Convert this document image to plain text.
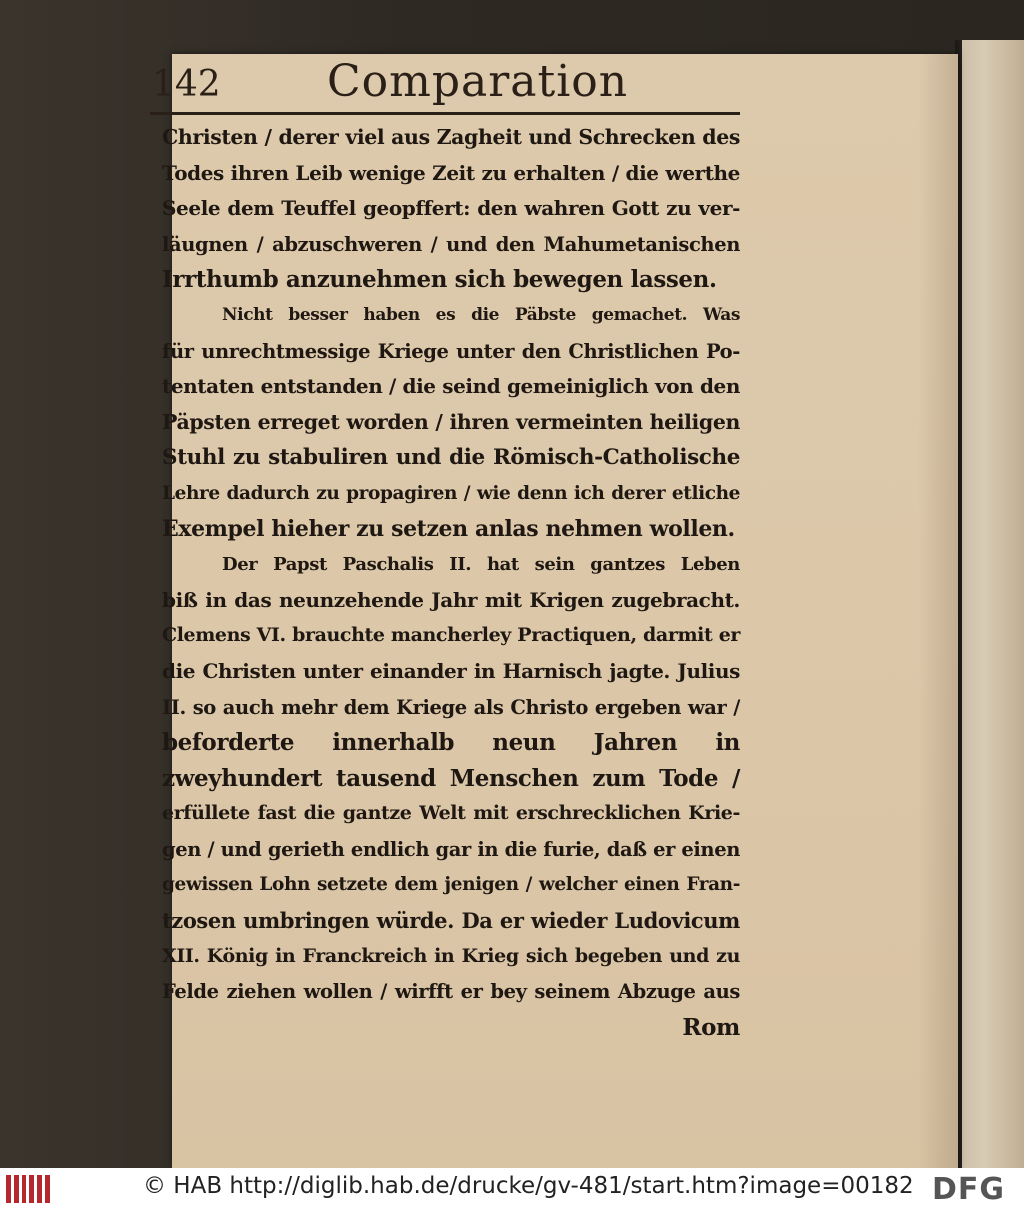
142 Comparation
Christen / derer viel aus Zagheit und Schrecken des
Todes ihren Leib wenige Zeit zu erhalten / die werthe
Seele dem Teuffel geopffert: den wahren Gott zu ver-
läugnen / abzuschweren / und den Mahumetanischen
Irrthumb anzunehmen sich bewegen lassen.
Nicht besser haben es die Päbste gemachet. Was
für unrechtmessige Kriege unter den Christlichen Po-
tentaten entstanden / die seind gemeiniglich von den
Päpsten erreget worden / ihren vermeinten heiligen
Stuhl zu stabuliren und die Römisch-Catholische
Lehre dadurch zu propagiren / wie denn ich derer etliche
Exempel hieher zu setzen anlas nehmen wollen.
Der Papst Paschalis II. hat sein gantzes Leben
biß in das neunzehende Jahr mit Krigen zugebracht.
Clemens VI. brauchte mancherley Practiquen, darmit er
die Christen unter einander in Harnisch jagte. Julius
II. so auch mehr dem Kriege als Christo ergeben war /
beforderte innerhalb neun Jahren in
zweyhundert tausend Menschen zum Tode /
erfüllete fast die gantze Welt mit erschrecklichen Krie-
gen / und gerieth endlich gar in die furie, daß er einen
gewissen Lohn setzete dem jenigen / welcher einen Fran-
tzosen umbringen würde. Da er wieder Ludovicum
XII. König in Franckreich in Krieg sich begeben und zu
Felde ziehen wollen / wirfft er bey seinem Abzuge aus
Rom
© HAB http://diglib.hab.de/drucke/gv-481/start.htm?image=00182 DFG
